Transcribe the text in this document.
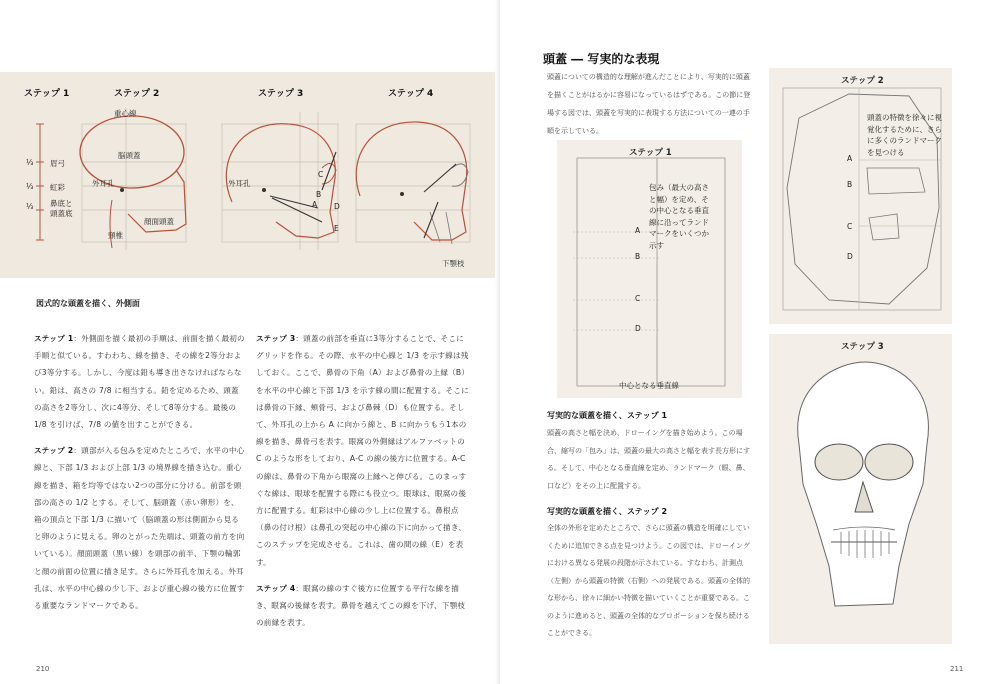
ステップ 1	ステップ 2	ステップ 3	ステップ 4
⅓ 眉弓
⅓ 虹彩
⅓ 鼻底と
頭蓋底
重心線
脳頭蓋
外耳孔
顔面頭蓋
頸椎
外耳孔
A
B
C
D
E
下顎枝
図式的な頭蓋を描く、外側面

ステップ 1：外側面を描く最初の手順は、前面を描く最初の手順と似ている。すわわち、線を描き、その線を2等分および3等分する。しかし、今度は鉛も導き出さなければならない。鉛は、高さの 7/8 に相当する。鉛を定めるため、頭蓋の高さを2等分し、次に4等分、そして8等分する。最後の 1/8 を引けば、7/8 の値を出すことができる。

ステップ 2：頭部が入る包みを定めたところで、水平の中心線と、下部 1/3 および上部 1/3 の境界線を描き込む。重心線を描き、箱を均等ではない2つの部分に分ける。前部を頭部の高さの 1/2 とする。そして、脳頭蓋（赤い卵形）を、箱の頂点と下部 1/3 に描いて（脳頭蓋の形は側面から見ると卵のように見える。卵のとがった先端は、頭蓋の前方を向いている）。顔面頭蓋（黒い線）を頭部の前半、下顎の輪郭と顔の前面の位置に描き足す。さらに外耳孔を加える。外耳孔は、水平の中心線の少し下、および重心線の後方に位置する重要なランドマークである。

ステップ 3：頭蓋の前部を垂直に3等分することで、そこにグリッドを作る。その際、水平の中心線と 1/3 を示す線は残しておく。ここで、鼻骨の下角（A）および鼻骨の上縁（B）を水平の中心線と下部 1/3 を示す線の間に配置する。そこには鼻骨の下縁、頬骨弓、および鼻棘（D）も位置する。そして、外耳孔の上から A に向かう線と、B に向かうもう1本の線を描き、鼻骨弓を表す。眼窩の外側縁はアルファベットの C のような形をしており、A-C の線の後方に位置する。A-C の線は、鼻骨の下角から眼窩の上縁へと伸びる。このまっすぐな線は、眼球を配置する際にも役立つ。眼球は、眼窩の後方に配置する。虹彩は中心線の少し上に位置する。鼻根点（鼻の付け根）は鼻孔の突起の中心線の下に向かって描き、このステップを完成させる。これは、歯の間の線（E）を表す。

ステップ 4：眼窩の線のすぐ後方に位置する平行な線を描き、眼窩の後縁を表す。鼻骨を越えてこの線を下げ、下顎枝の前縁を表す。

210
頭蓋 ― 写実的な表現
頭蓋についての構造的な理解が進んだことにより、写実的に頭蓋を描くことがはるかに容易になっているはずである。この節に登場する図では、頭蓋を写実的に表現する方法についての一連の手順を示している。
ステップ 1
包み（最大の高さと幅）を定め、その中心となる垂直線に沿ってランドマークをいくつか示す
A
B
C
D
中心となる垂直線
写実的な頭蓋を描く、ステップ 1
頭蓋の高さと幅を決め、ドローイングを描き始めよう。この場合、縮写の「包み」は、頭蓋の最大の高さと幅を表す長方形にする。そして、中心となる垂直線を定め、ランドマーク（眼、鼻、口など）をその上に配置する。
写実的な頭蓋を描く、ステップ 2
全体の外形を定めたところで、さらに頭蓋の構造を明確にしていくために追加できる点を見つけよう。この図では、ドローイングにおける異なる発展の段階が示されている。すなわち、計測点（左側）から頭蓋の特徴（右側）への発展である。頭蓋の全体的な形から、徐々に細かい特徴を描いていくことが重要である。このように進めると、頭蓋の全体的なプロポーションを保ち続けることができる。
ステップ 2
頭蓋の特徴を徐々に視覚化するために、さらに多くのランドマークを見つける
A
B
C
D
ステップ 3
211
